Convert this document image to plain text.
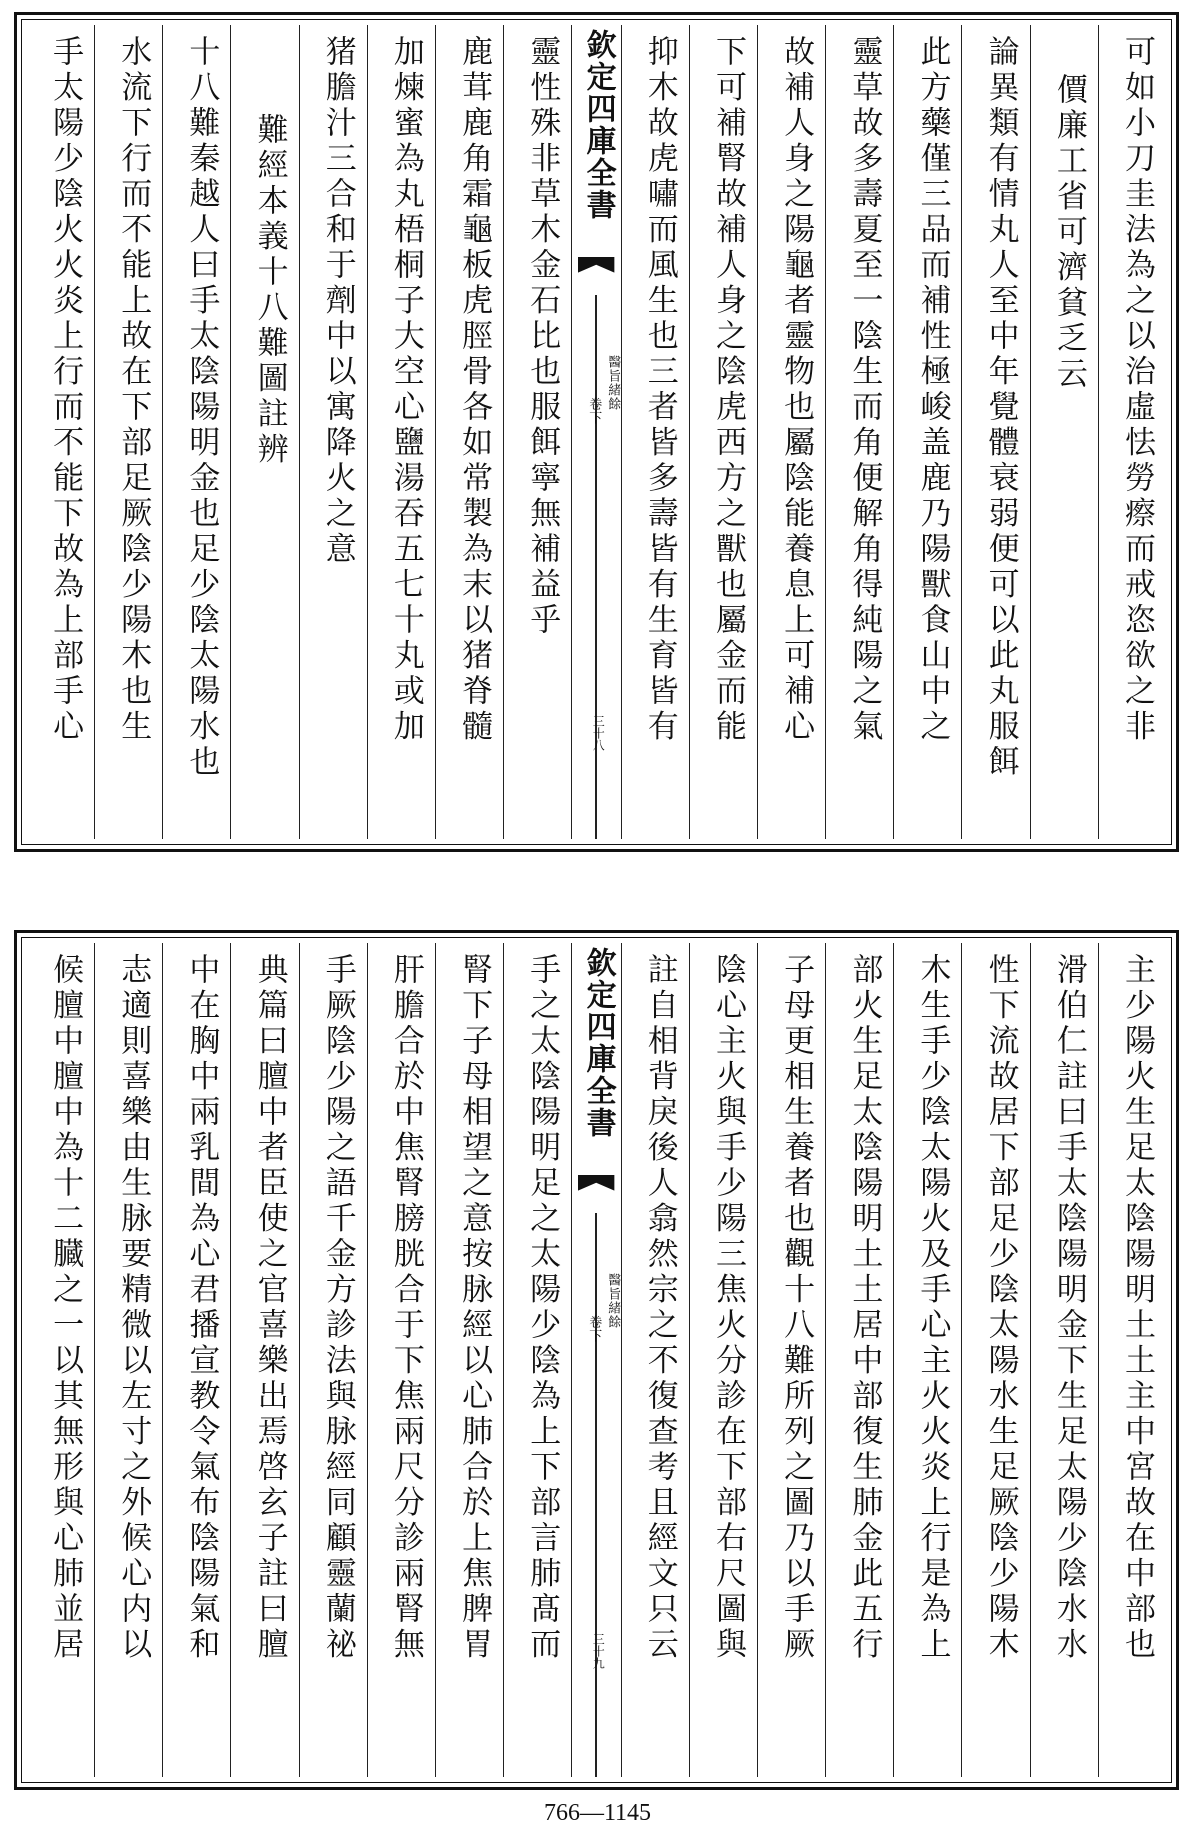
可如小刀圭法為之以治虛怯勞瘵而戒恣欲之非
價廉工省可濟貧乏云
論異類有情丸人至中年覺體衰弱便可以此丸服餌
此方藥僅三品而補性極峻盖鹿乃陽獸食山中之
靈草故多壽夏至一陰生而角便解角得純陽之氣
故補人身之陽龜者靈物也屬陰能養息上可補心
下可補腎故補人身之陰虎西方之獸也屬金而能
抑木故虎嘯而風生也三者皆多壽皆有生育皆有
欽定四庫全書
醫旨緒餘
卷下
三十八
靈性殊非草木金石比也服餌寧無補益乎
鹿茸鹿角霜龜板虎脛骨各如常製為末以猪脊髓
加煉蜜為丸梧桐子大空心鹽湯吞五七十丸或加
猪膽汁三合和于劑中以寓降火之意
難經本義十八難圖註辨
十八難秦越人曰手太陰陽明金也足少陰太陽水也
水流下行而不能上故在下部足厥陰少陽木也生
手太陽少陰火火炎上行而不能下故為上部手心
主少陽火生足太陰陽明土土主中宮故在中部也
滑伯仁註曰手太陰陽明金下生足太陽少陰水水
性下流故居下部足少陰太陽水生足厥陰少陽木
木生手少陰太陽火及手心主火火炎上行是為上
部火生足太陰陽明土土居中部復生肺金此五行
子母更相生養者也觀十八難所列之圖乃以手厥
陰心主火與手少陽三焦火分診在下部右尺圖與
註自相背戾後人翕然宗之不復查考且經文只云
欽定四庫全書
醫旨緒餘
卷下
三十九
手之太陰陽明足之太陽少陰為上下部言肺髙而
腎下子母相望之意按脉經以心肺合於上焦脾胃
肝膽合於中焦腎膀胱合于下焦兩尺分診兩腎無
手厥陰少陽之語千金方診法與脉經同顧靈蘭祕
典篇曰膻中者臣使之官喜樂出焉啓玄子註曰膻
中在胸中兩乳間為心君播宣教令氣布陰陽氣和
志適則喜樂由生脉要精微以左寸之外候心内以
候膻中膻中為十二臓之一以其無形與心肺並居
766—1145
